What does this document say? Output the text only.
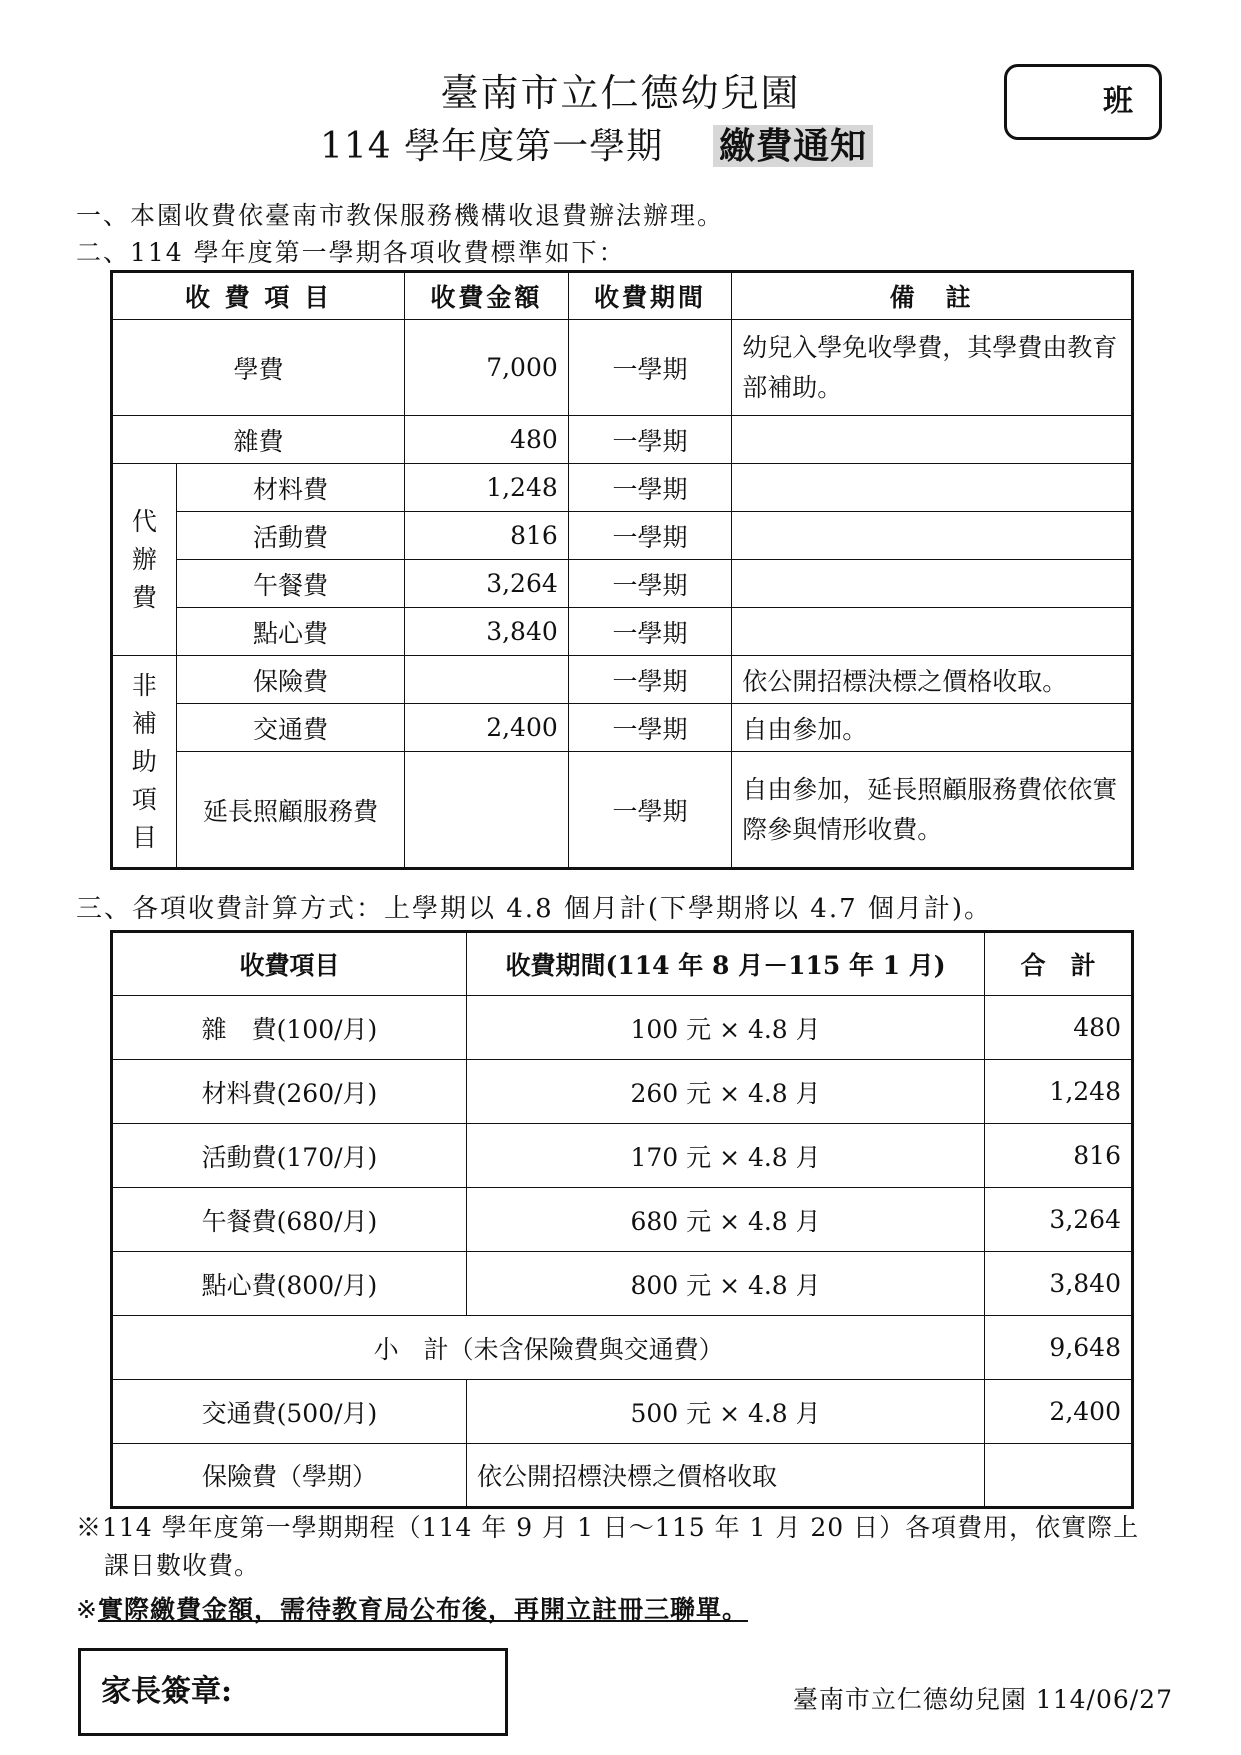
臺南市立仁德幼兒園
114 學年度第一學期 繳費通知
班
一、本園收費依臺南市教保服務機構收退費辦法辦理。
二、114 學年度第一學期各項收費標準如下：
收 費 項 目		收費金額	收費期間	備　註
學費		7,000	一學期	幼兒入學免收學費，其學費由教育部補助。
雜費		480	一學期	

代
辦
費	材料費	1,248	一學期	
	活動費	816	一學期	
	午餐費	3,264	一學期	
	點心費	3,840	一學期	

非
補
助
項
目	保險費		一學期	依公開招標決標之價格收取。
	交通費	2,400	一學期	自由參加。
	延長照顧服務費		一學期	自由參加，延長照顧服務費依依實際參與情形收費。
三、各項收費計算方式：上學期以 4.8 個月計(下學期將以 4.7 個月計)。
收費項目	收費期間(114 年 8 月－115 年 1 月)	合　計
雜　費(100/月)	100 元 × 4.8 月	480
材料費(260/月)	260 元 × 4.8 月	1,248
活動費(170/月)	170 元 × 4.8 月	816
午餐費(680/月)	680 元 × 4.8 月	3,264
點心費(800/月)	800 元 × 4.8 月	3,840
小　計（未含保險費與交通費）		9,648
交通費(500/月)	500 元 × 4.8 月	2,400
保險費（學期）	依公開招標決標之價格收取	
※114 學年度第一學期期程（114 年 9 月 1 日～115 年 1 月 20 日）各項費用，依實際上
課日數收費。
※實際繳費金額，需待教育局公布後，再開立註冊三聯單。
家長簽章:	臺南市立仁德幼兒園 114/06/27
